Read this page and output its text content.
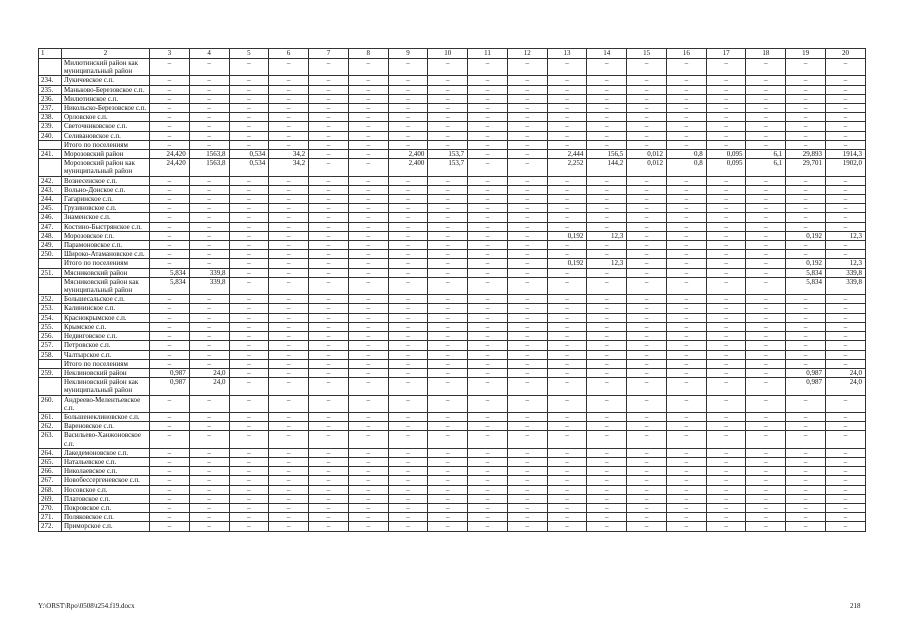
1	2	3	4	5	6	7	8	9	10	11	12	13	14	15	16	17	18	19	20
	Милютинский район как муниципальный район	–	–	–	–	–	–	–	–	–	–	–	–	–	–	–	–	–	–
234.	Лукичевское с.п.	–	–	–	–	–	–	–	–	–	–	–	–	–	–	–	–	–	–
235.	Маньково-Березовское с.п.	–	–	–	–	–	–	–	–	–	–	–	–	–	–	–	–	–	–
236.	Милютинское с.п.	–	–	–	–	–	–	–	–	–	–	–	–	–	–	–	–	–	–
237.	Никольско-Березовское с.п.	–	–	–	–	–	–	–	–	–	–	–	–	–	–	–	–	–	–
238.	Орловское с.п.	–	–	–	–	–	–	–	–	–	–	–	–	–	–	–	–	–	–
239.	Светочниковское с.п.	–	–	–	–	–	–	–	–	–	–	–	–	–	–	–	–	–	–
240.	Селивановское с.п.	–	–	–	–	–	–	–	–	–	–	–	–	–	–	–	–	–	–
	Итого по поселениям	–	–	–	–	–	–	–	–	–	–	–	–	–	–	–	–	–	–
241.	Морозовский район	24,420	1563,8	0,534	34,2	–	–	2,400	153,7	–	–	2,444	156,5	0,012	0,8	0,095	6,1	29,893	1914,3
	Морозовский район как муниципальный район	24,420	1563,8	0,534	34,2	–	–	2,400	153,7	–	–	2,252	144,2	0,012	0,8	0,095	6,1	29,701	1902,0
242.	Вознесенское с.п.	–	–	–	–	–	–	–	–	–	–	–	–	–	–	–	–	–	–
243.	Вольно-Донское с.п.	–	–	–	–	–	–	–	–	–	–	–	–	–	–	–	–	–	–
244.	Гагаринское с.п.	–	–	–	–	–	–	–	–	–	–	–	–	–	–	–	–	–	–
245.	Грузиновское с.п.	–	–	–	–	–	–	–	–	–	–	–	–	–	–	–	–	–	–
246.	Знаменское с.п.	–	–	–	–	–	–	–	–	–	–	–	–	–	–	–	–	–	–
247.	Костино-Быстрянское с.п.	–	–	–	–	–	–	–	–	–	–	–	–	–	–	–	–	–	–
248.	Морозовское г.п.	–	–	–	–	–	–	–	–	–	–	0,192	12,3	–	–	–	–	0,192	12,3
249.	Парамоновское с.п.	–	–	–	–	–	–	–	–	–	–	–	–	–	–	–	–	–	–
250.	Широко-Атамановское с.п.	–	–	–	–	–	–	–	–	–	–	–	–	–	–	–	–	–	–
	Итого по поселениям	–	–	–	–	–	–	–	–	–	–	0,192	12,3	–	–	–	–	0,192	12,3
251.	Мясниковский район	5,834	339,8	–	–	–	–	–	–	–	–	–	–	–	–	–	–	5,834	339,8
	Мясниковский район как муниципальный район	5,834	339,8	–	–	–	–	–	–	–	–	–	–	–	–	–	–	5,834	339,8
252.	Большесальское с.п.	–	–	–	–	–	–	–	–	–	–	–	–	–	–	–	–	–	–
253.	Калининское с.п.	–	–	–	–	–	–	–	–	–	–	–	–	–	–	–	–	–	–
254.	Краснокрымское с.п.	–	–	–	–	–	–	–	–	–	–	–	–	–	–	–	–	–	–
255.	Крымское с.п.	–	–	–	–	–	–	–	–	–	–	–	–	–	–	–	–	–	–
256.	Недвиговское с.п.	–	–	–	–	–	–	–	–	–	–	–	–	–	–	–	–	–	–
257.	Петровское с.п.	–	–	–	–	–	–	–	–	–	–	–	–	–	–	–	–	–	–
258.	Чалтырское с.п.	–	–	–	–	–	–	–	–	–	–	–	–	–	–	–	–	–	–
	Итого по поселениям	–	–	–	–	–	–	–	–	–	–	–	–	–	–	–	–	–	–
259.	Неклиновский район	0,987	24,0	–	–	–	–	–	–	–	–	–	–	–	–	–	–	0,987	24,0
	Неклиновский район как муниципальный район	0,987	24,0	–	–	–	–	–	–	–	–	–	–	–	–	–	–	0,987	24,0
260.	Андреево-Мелентьевское с.п.	–	–	–	–	–	–	–	–	–	–	–	–	–	–	–	–	–	–
261.	Большенеклиновское с.п.	–	–	–	–	–	–	–	–	–	–	–	–	–	–	–	–	–	–
262.	Вареновское с.п.	–	–	–	–	–	–	–	–	–	–	–	–	–	–	–	–	–	–
263.	Васильево-Ханжоновское с.п.	–	–	–	–	–	–	–	–	–	–	–	–	–	–	–	–	–	–
264.	Лакедемоновское с.п.	–	–	–	–	–	–	–	–	–	–	–	–	–	–	–	–	–	–
265.	Натальевское с.п.	–	–	–	–	–	–	–	–	–	–	–	–	–	–	–	–	–	–
266.	Николаевское с.п.	–	–	–	–	–	–	–	–	–	–	–	–	–	–	–	–	–	–
267.	Новобессергеневское с.п.	–	–	–	–	–	–	–	–	–	–	–	–	–	–	–	–	–	–
268.	Носовское с.п.	–	–	–	–	–	–	–	–	–	–	–	–	–	–	–	–	–	–
269.	Платовское с.п.	–	–	–	–	–	–	–	–	–	–	–	–	–	–	–	–	–	–
270.	Покровское с.п.	–	–	–	–	–	–	–	–	–	–	–	–	–	–	–	–	–	–
271.	Поляковское с.п.	–	–	–	–	–	–	–	–	–	–	–	–	–	–	–	–	–	–
272.	Приморское с.п.	–	–	–	–	–	–	–	–	–	–	–	–	–	–	–	–	–	–
Y:\ORST\Rpo\0508\t254.f19.docx	218
